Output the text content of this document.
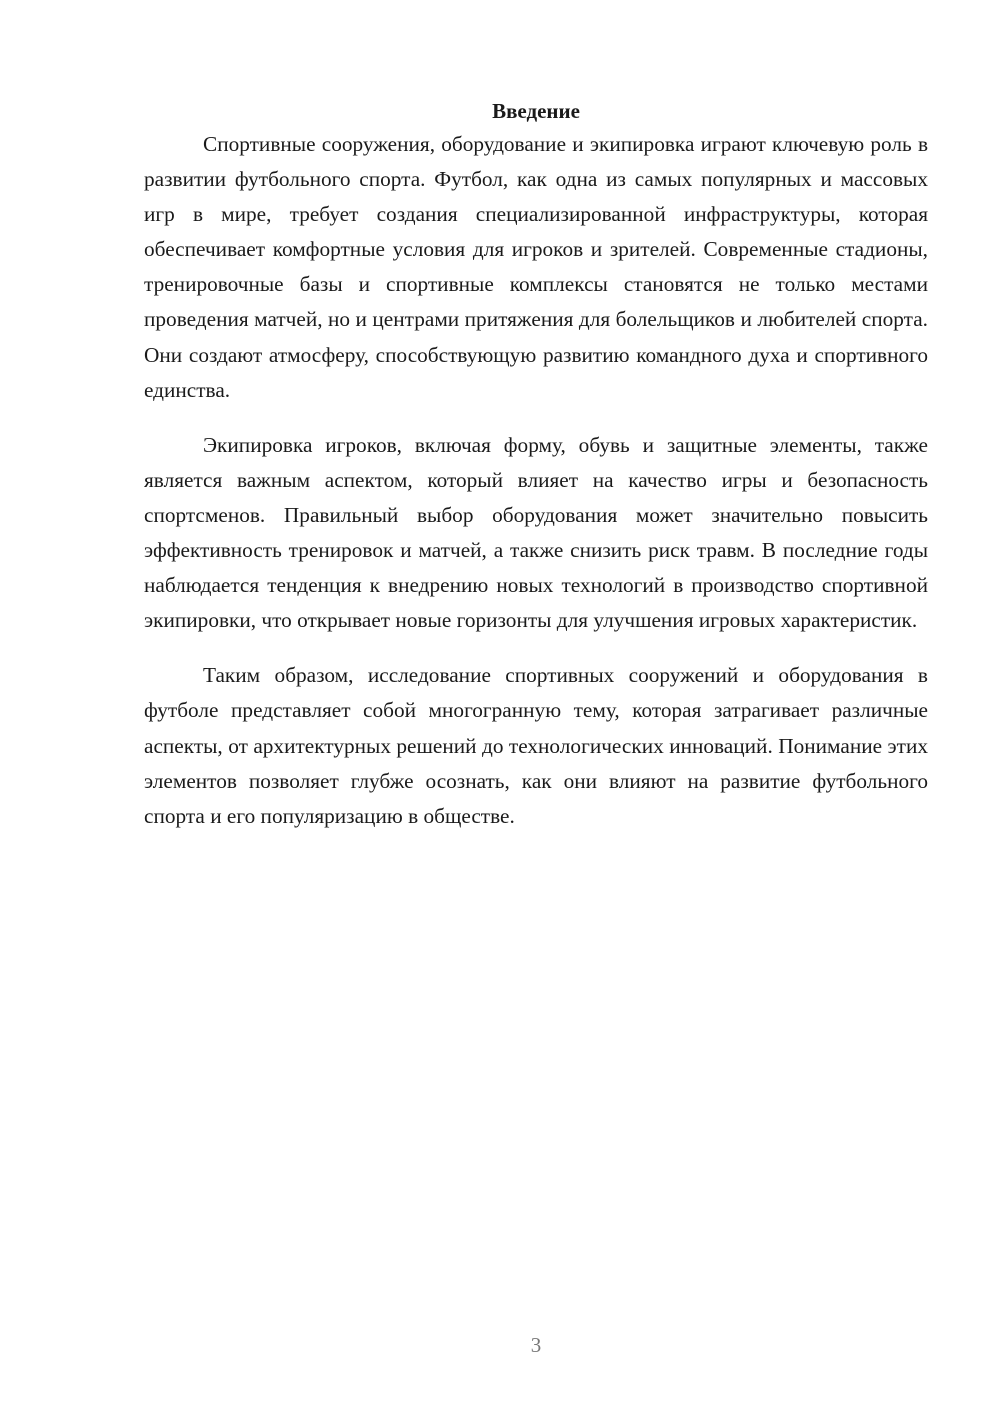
Введение

Спортивные сооружения, оборудование и экипировка играют ключевую роль в развитии футбольного спорта. Футбол, как одна из самых популярных и массовых игр в мире, требует создания специализированной инфраструктуры, которая обеспечивает комфортные условия для игроков и зрителей. Современные стадионы, тренировочные базы и спортивные комплексы становятся не только местами проведения матчей, но и центрами притяжения для болельщиков и любителей спорта. Они создают атмосферу, способствующую развитию командного духа и спортивного единства.

Экипировка игроков, включая форму, обувь и защитные элементы, также является важным аспектом, который влияет на качество игры и безопасность спортсменов. Правильный выбор оборудования может значительно повысить эффективность тренировок и матчей, а также снизить риск травм. В последние годы наблюдается тенденция к внедрению новых технологий в производство спортивной экипировки, что открывает новые горизонты для улучшения игровых характеристик.

Таким образом, исследование спортивных сооружений и оборудования в футболе представляет собой многогранную тему, которая затрагивает различные аспекты, от архитектурных решений до технологических инноваций. Понимание этих элементов позволяет глубже осознать, как они влияют на развитие футбольного спорта и его популяризацию в обществе.

3
